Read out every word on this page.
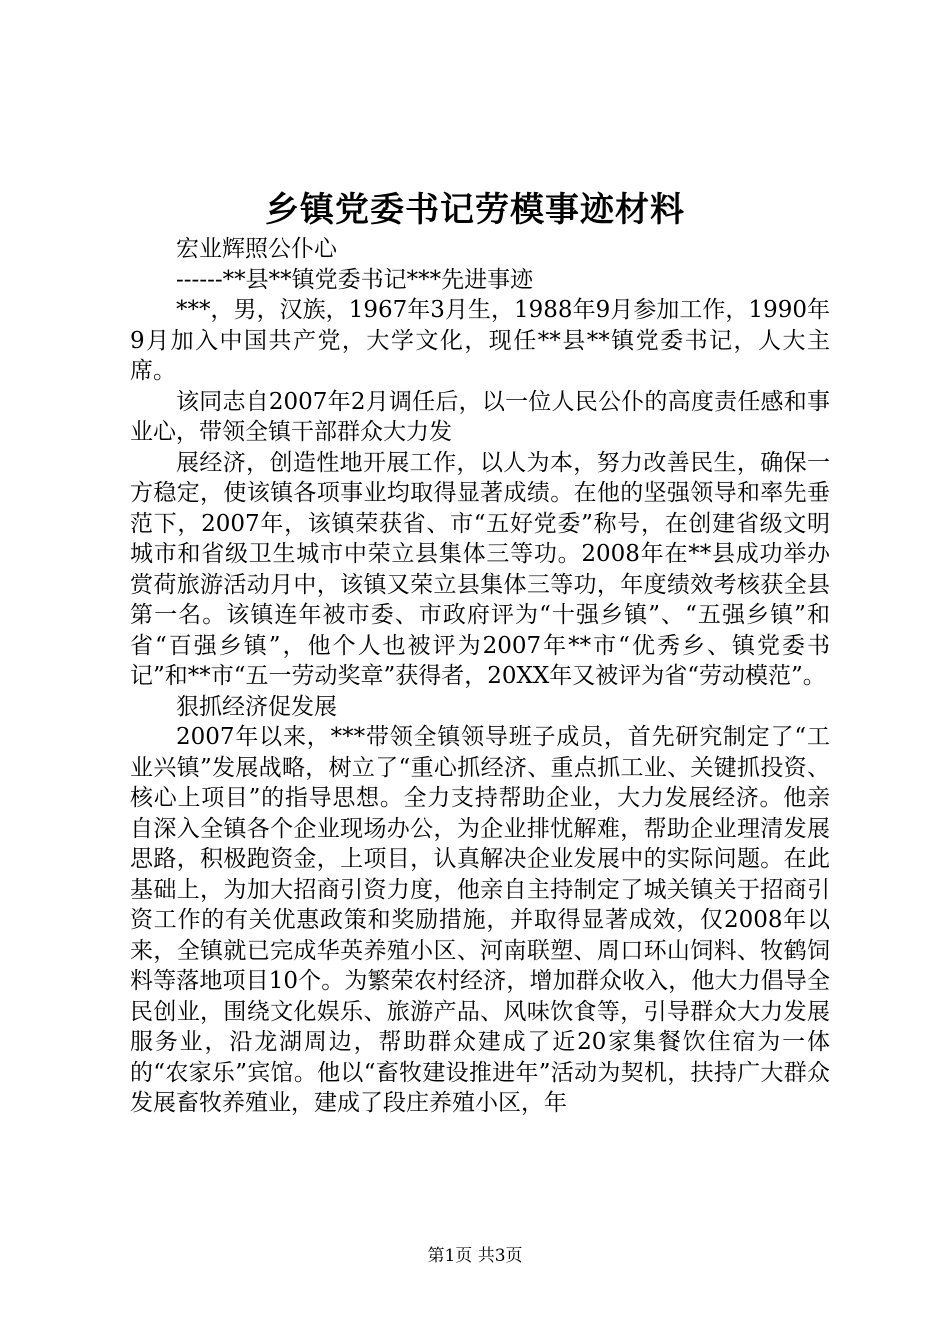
乡镇党委书记劳模事迹材料

宏业辉照公仆心

------**县**镇党委书记***先进事迹

***，男，汉族，1967年3月生，1988年9月参加工作，1990年9月加入中国共产党，大学文化，现任**县**镇党委书记，人大主席。

该同志自2007年2月调任后，以一位人民公仆的高度责任感和事业心，带领全镇干部群众大力发

展经济，创造性地开展工作，以人为本，努力改善民生，确保一方稳定，使该镇各项事业均取得显著成绩。在他的坚强领导和率先垂范下，2007年，该镇荣获省、市“五好党委”称号，在创建省级文明城市和省级卫生城市中荣立县集体三等功。2008年在**县成功举办赏荷旅游活动月中，该镇又荣立县集体三等功，年度绩效考核获全县第一名。该镇连年被市委、市政府评为“十强乡镇”、“五强乡镇”和省“百强乡镇”，他个人也被评为2007年**市“优秀乡、镇党委书记”和**市“五一劳动奖章”获得者，20XX年又被评为省“劳动模范”。

狠抓经济促发展

2007年以来，***带领全镇领导班子成员，首先研究制定了“工业兴镇”发展战略，树立了“重心抓经济、重点抓工业、关键抓投资、核心上项目”的指导思想。全力支持帮助企业，大力发展经济。他亲自深入全镇各个企业现场办公，为企业排忧解难，帮助企业理清发展思路，积极跑资金，上项目，认真解决企业发展中的实际问题。在此基础上，为加大招商引资力度，他亲自主持制定了城关镇关于招商引资工作的有关优惠政策和奖励措施，并取得显著成效，仅2008年以来，全镇就已完成华英养殖小区、河南联塑、周口环山饲料、牧鹤饲料等落地项目10个。为繁荣农村经济，增加群众收入，他大力倡导全民创业，围绕文化娱乐、旅游产品、风味饮食等，引导群众大力发展服务业，沿龙湖周边，帮助群众建成了近20家集餐饮住宿为一体的“农家乐”宾馆。他以“畜牧建设推进年”活动为契机，扶持广大群众发展畜牧养殖业，建成了段庄养殖小区，年

第1页 共3页
